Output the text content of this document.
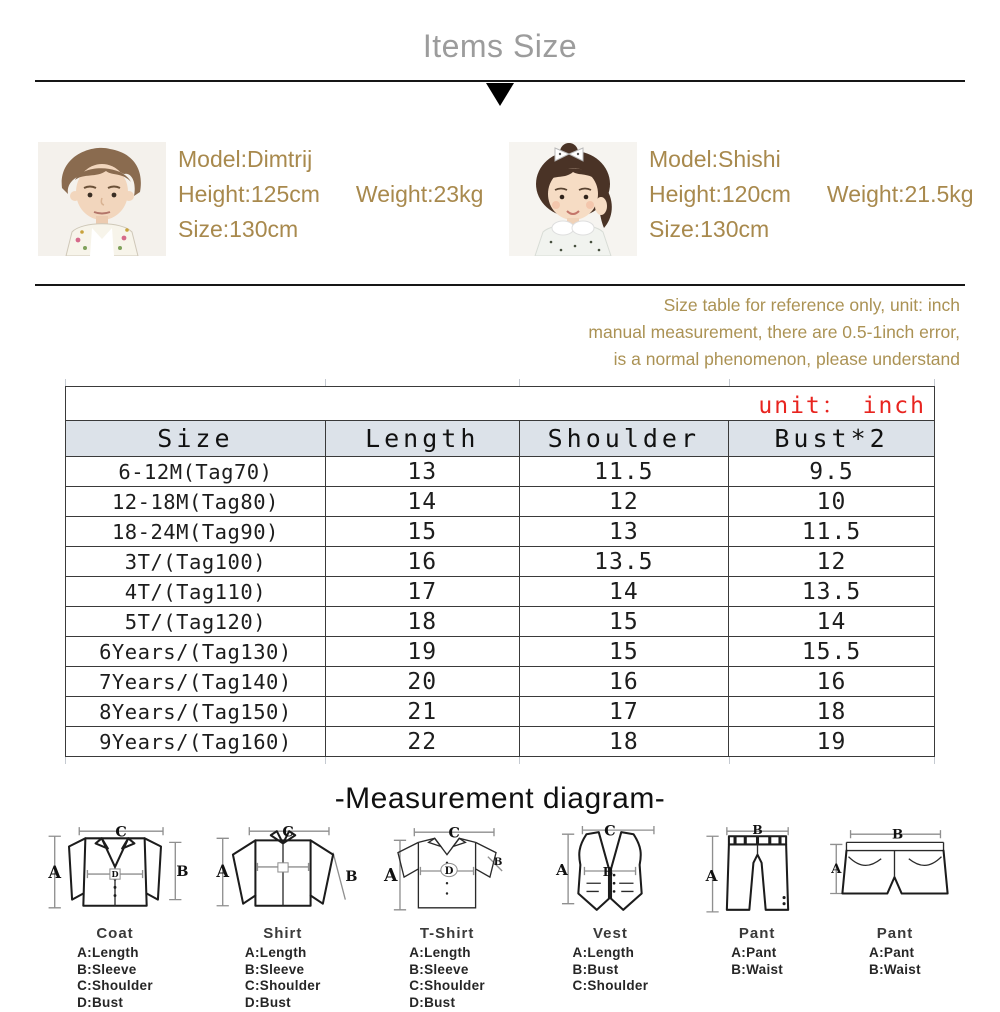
Items Size
Model:Dimtrij
Height:125cm Weight:23kg
Size:130cm
Model:Shishi
Height:120cm Weight:21.5kg
Size:130cm
Size table for reference only, unit: inch
manual measurement, there are 0.5-1inch error,
is a normal phenomenon, please understand
unit： inch			
Size	Length	Shoulder	Bust*2
6-12M(Tag70)	13	11.5	9.5
12-18M(Tag80)	14	12	10
18-24M(Tag90)	15	13	11.5
3T/(Tag100)	16	13.5	12
4T/(Tag110)	17	14	13.5
5T/(Tag120)	18	15	14
6Years/(Tag130)	19	15	15.5
7Years/(Tag140)	20	16	16
8Years/(Tag150)	21	17	18
9Years/(Tag160)	22	18	19
-Measurement diagram-
A
C
B
D
Coat
A:Length
B:Sleeve
C:Shoulder
D:Bust
A
C
B
Shirt
A:Length
B:Sleeve
C:Shoulder
D:Bust
A
C
B
D
T-Shirt
A:Length
B:Sleeve
C:Shoulder
D:Bust
A
C
B
Vest
A:Length
B:Bust
C:Shoulder
A
B
Pant
A:Pant
B:Waist
A
B
Pant
A:Pant
B:Waist
